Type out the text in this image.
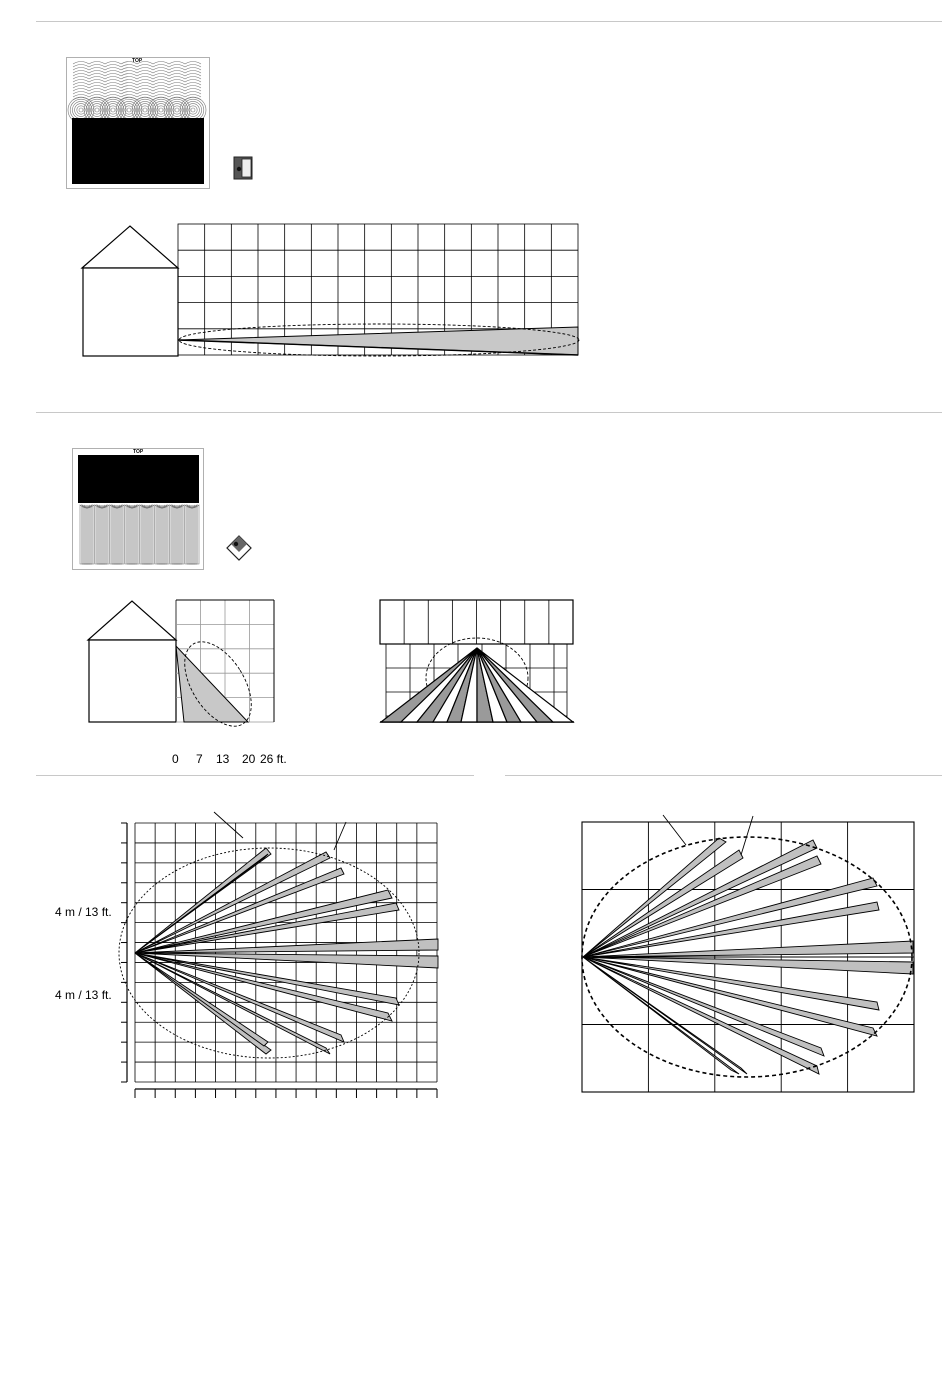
TOP
TOP
0 7 13 20 26 ft.
4 m / 13 ft.
4 m / 13 ft.
